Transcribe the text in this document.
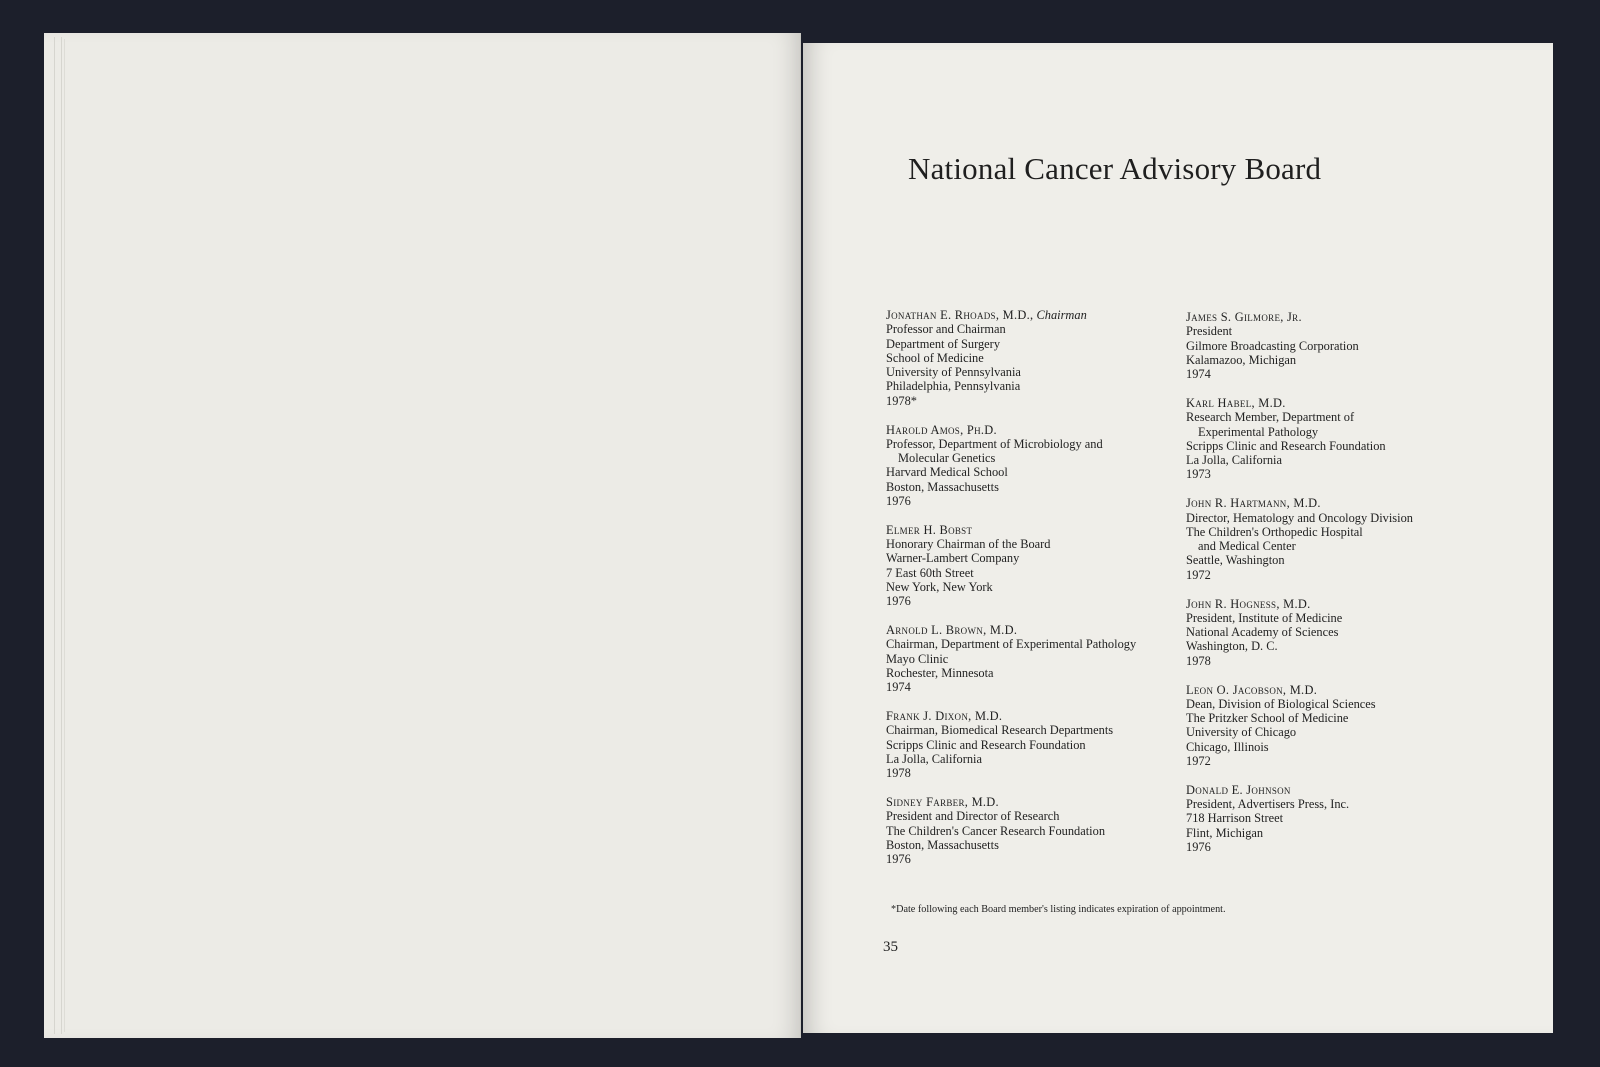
National Cancer Advisory Board
Jonathan E. Rhoads, M.D., Chairman
Professor and Chairman
Department of Surgery
School of Medicine
University of Pennsylvania
Philadelphia, Pennsylvania
1978*
Harold Amos, Ph.D.
Professor, Department of Microbiology and
Molecular Genetics
Harvard Medical School
Boston, Massachusetts
1976
Elmer H. Bobst
Honorary Chairman of the Board
Warner-Lambert Company
7 East 60th Street
New York, New York
1976
Arnold L. Brown, M.D.
Chairman, Department of Experimental Pathology
Mayo Clinic
Rochester, Minnesota
1974
Frank J. Dixon, M.D.
Chairman, Biomedical Research Departments
Scripps Clinic and Research Foundation
La Jolla, California
1978
Sidney Farber, M.D.
President and Director of Research
The Children's Cancer Research Foundation
Boston, Massachusetts
1976
James S. Gilmore, Jr.
President
Gilmore Broadcasting Corporation
Kalamazoo, Michigan
1974
Karl Habel, M.D.
Research Member, Department of
Experimental Pathology
Scripps Clinic and Research Foundation
La Jolla, California
1973
John R. Hartmann, M.D.
Director, Hematology and Oncology Division
The Children's Orthopedic Hospital
and Medical Center
Seattle, Washington
1972
John R. Hogness, M.D.
President, Institute of Medicine
National Academy of Sciences
Washington, D. C.
1978
Leon O. Jacobson, M.D.
Dean, Division of Biological Sciences
The Pritzker School of Medicine
University of Chicago
Chicago, Illinois
1972
Donald E. Johnson
President, Advertisers Press, Inc.
718 Harrison Street
Flint, Michigan
1976
*Date following each Board member's listing indicates expiration of appointment.
35
